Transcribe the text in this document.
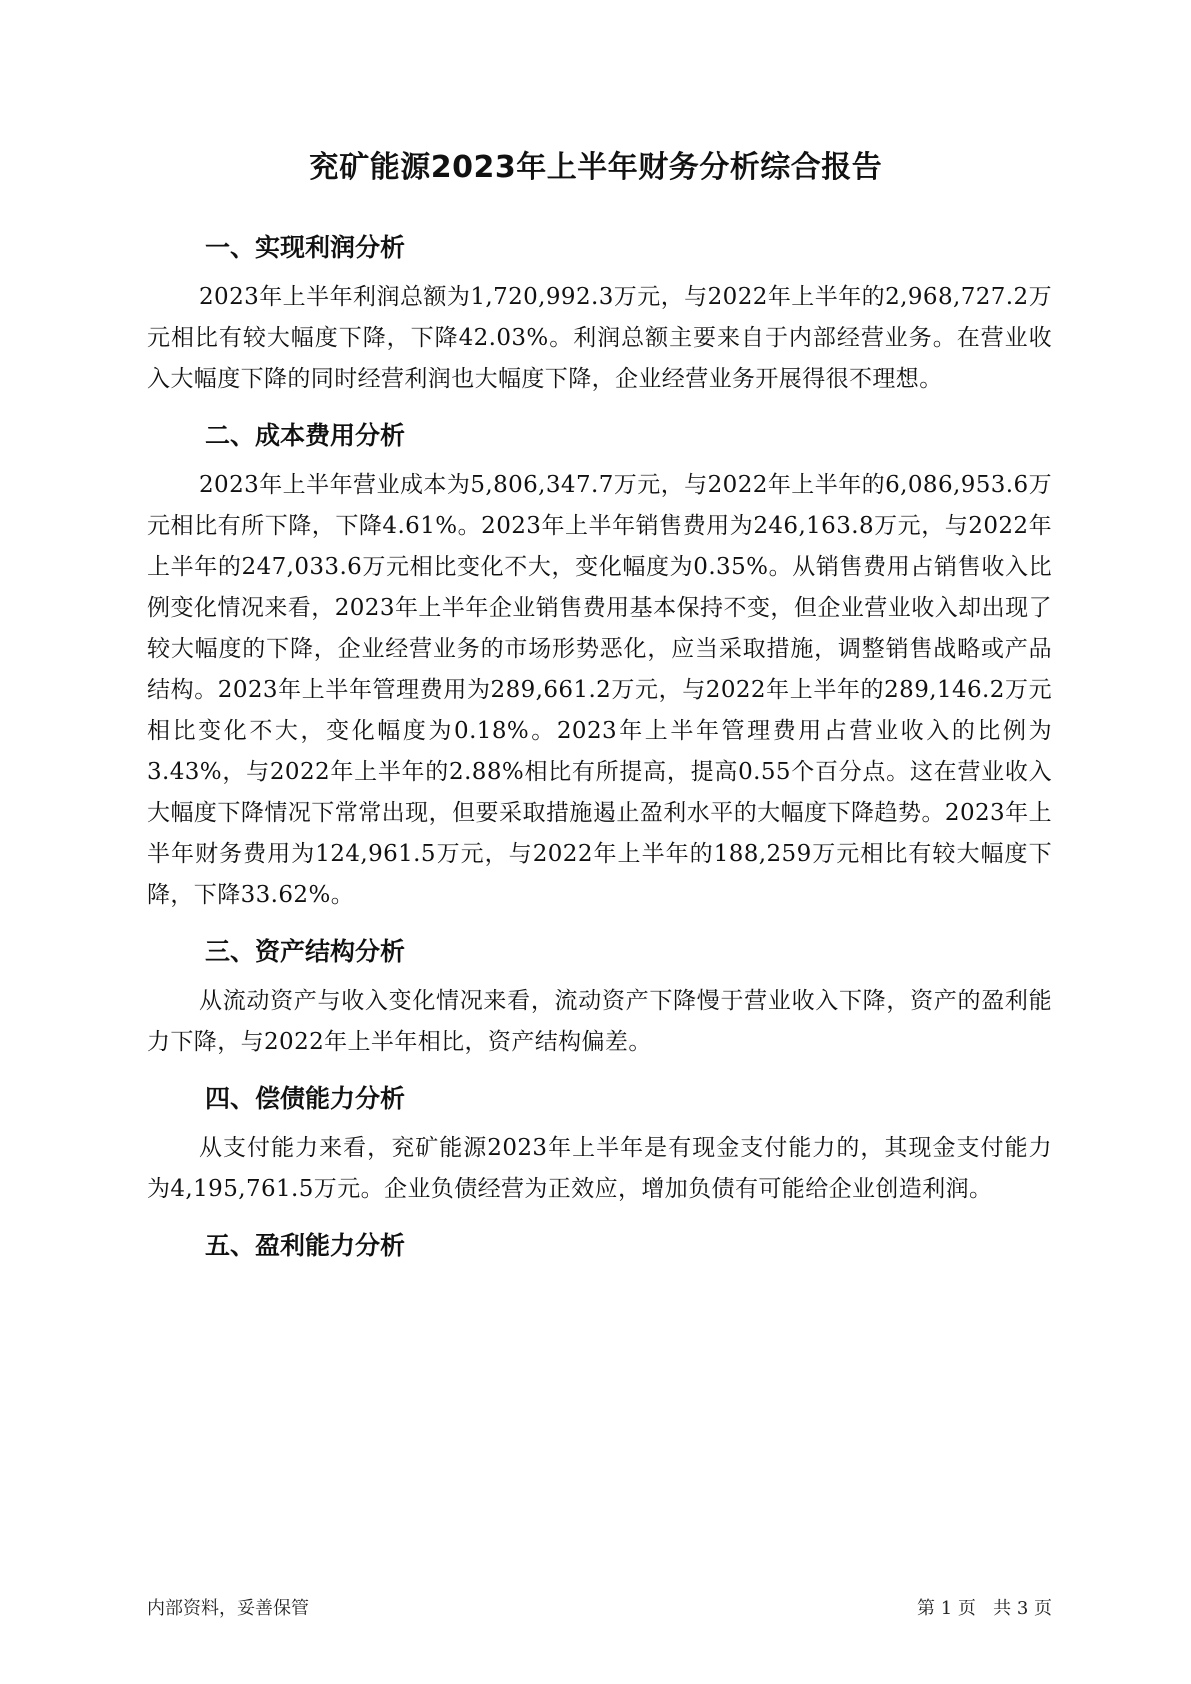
兖矿能源2023年上半年财务分析综合报告
一、实现利润分析

2023年上半年利润总额为1,720,992.3万元，与2022年上半年的2,968,727.2万元相比有较大幅度下降，下降42.03%。利润总额主要来自于内部经营业务。在营业收入大幅度下降的同时经营利润也大幅度下降，企业经营业务开展得很不理想。

二、成本费用分析

2023年上半年营业成本为5,806,347.7万元，与2022年上半年的6,086,953.6万元相比有所下降，下降4.61%。2023年上半年销售费用为246,163.8万元，与2022年上半年的247,033.6万元相比变化不大，变化幅度为0.35%。从销售费用占销售收入比例变化情况来看，2023年上半年企业销售费用基本保持不变，但企业营业收入却出现了较大幅度的下降，企业经营业务的市场形势恶化，应当采取措施，调整销售战略或产品结构。2023年上半年管理费用为289,661.2万元，与2022年上半年的289,146.2万元相比变化不大，变化幅度为0.18%。2023年上半年管理费用占营业收入的比例为3.43%，与2022年上半年的2.88%相比有所提高，提高0.55个百分点。这在营业收入大幅度下降情况下常常出现，但要采取措施遏止盈利水平的大幅度下降趋势。2023年上半年财务费用为124,961.5万元，与2022年上半年的188,259万元相比有较大幅度下降，下降33.62%。

三、资产结构分析

从流动资产与收入变化情况来看，流动资产下降慢于营业收入下降，资产的盈利能力下降，与2022年上半年相比，资产结构偏差。

四、偿债能力分析

从支付能力来看，兖矿能源2023年上半年是有现金支付能力的，其现金支付能力为4,195,761.5万元。企业负债经营为正效应，增加负债有可能给企业创造利润。

五、盈利能力分析

内部资料，妥善保管	第 1 页 共 3 页
